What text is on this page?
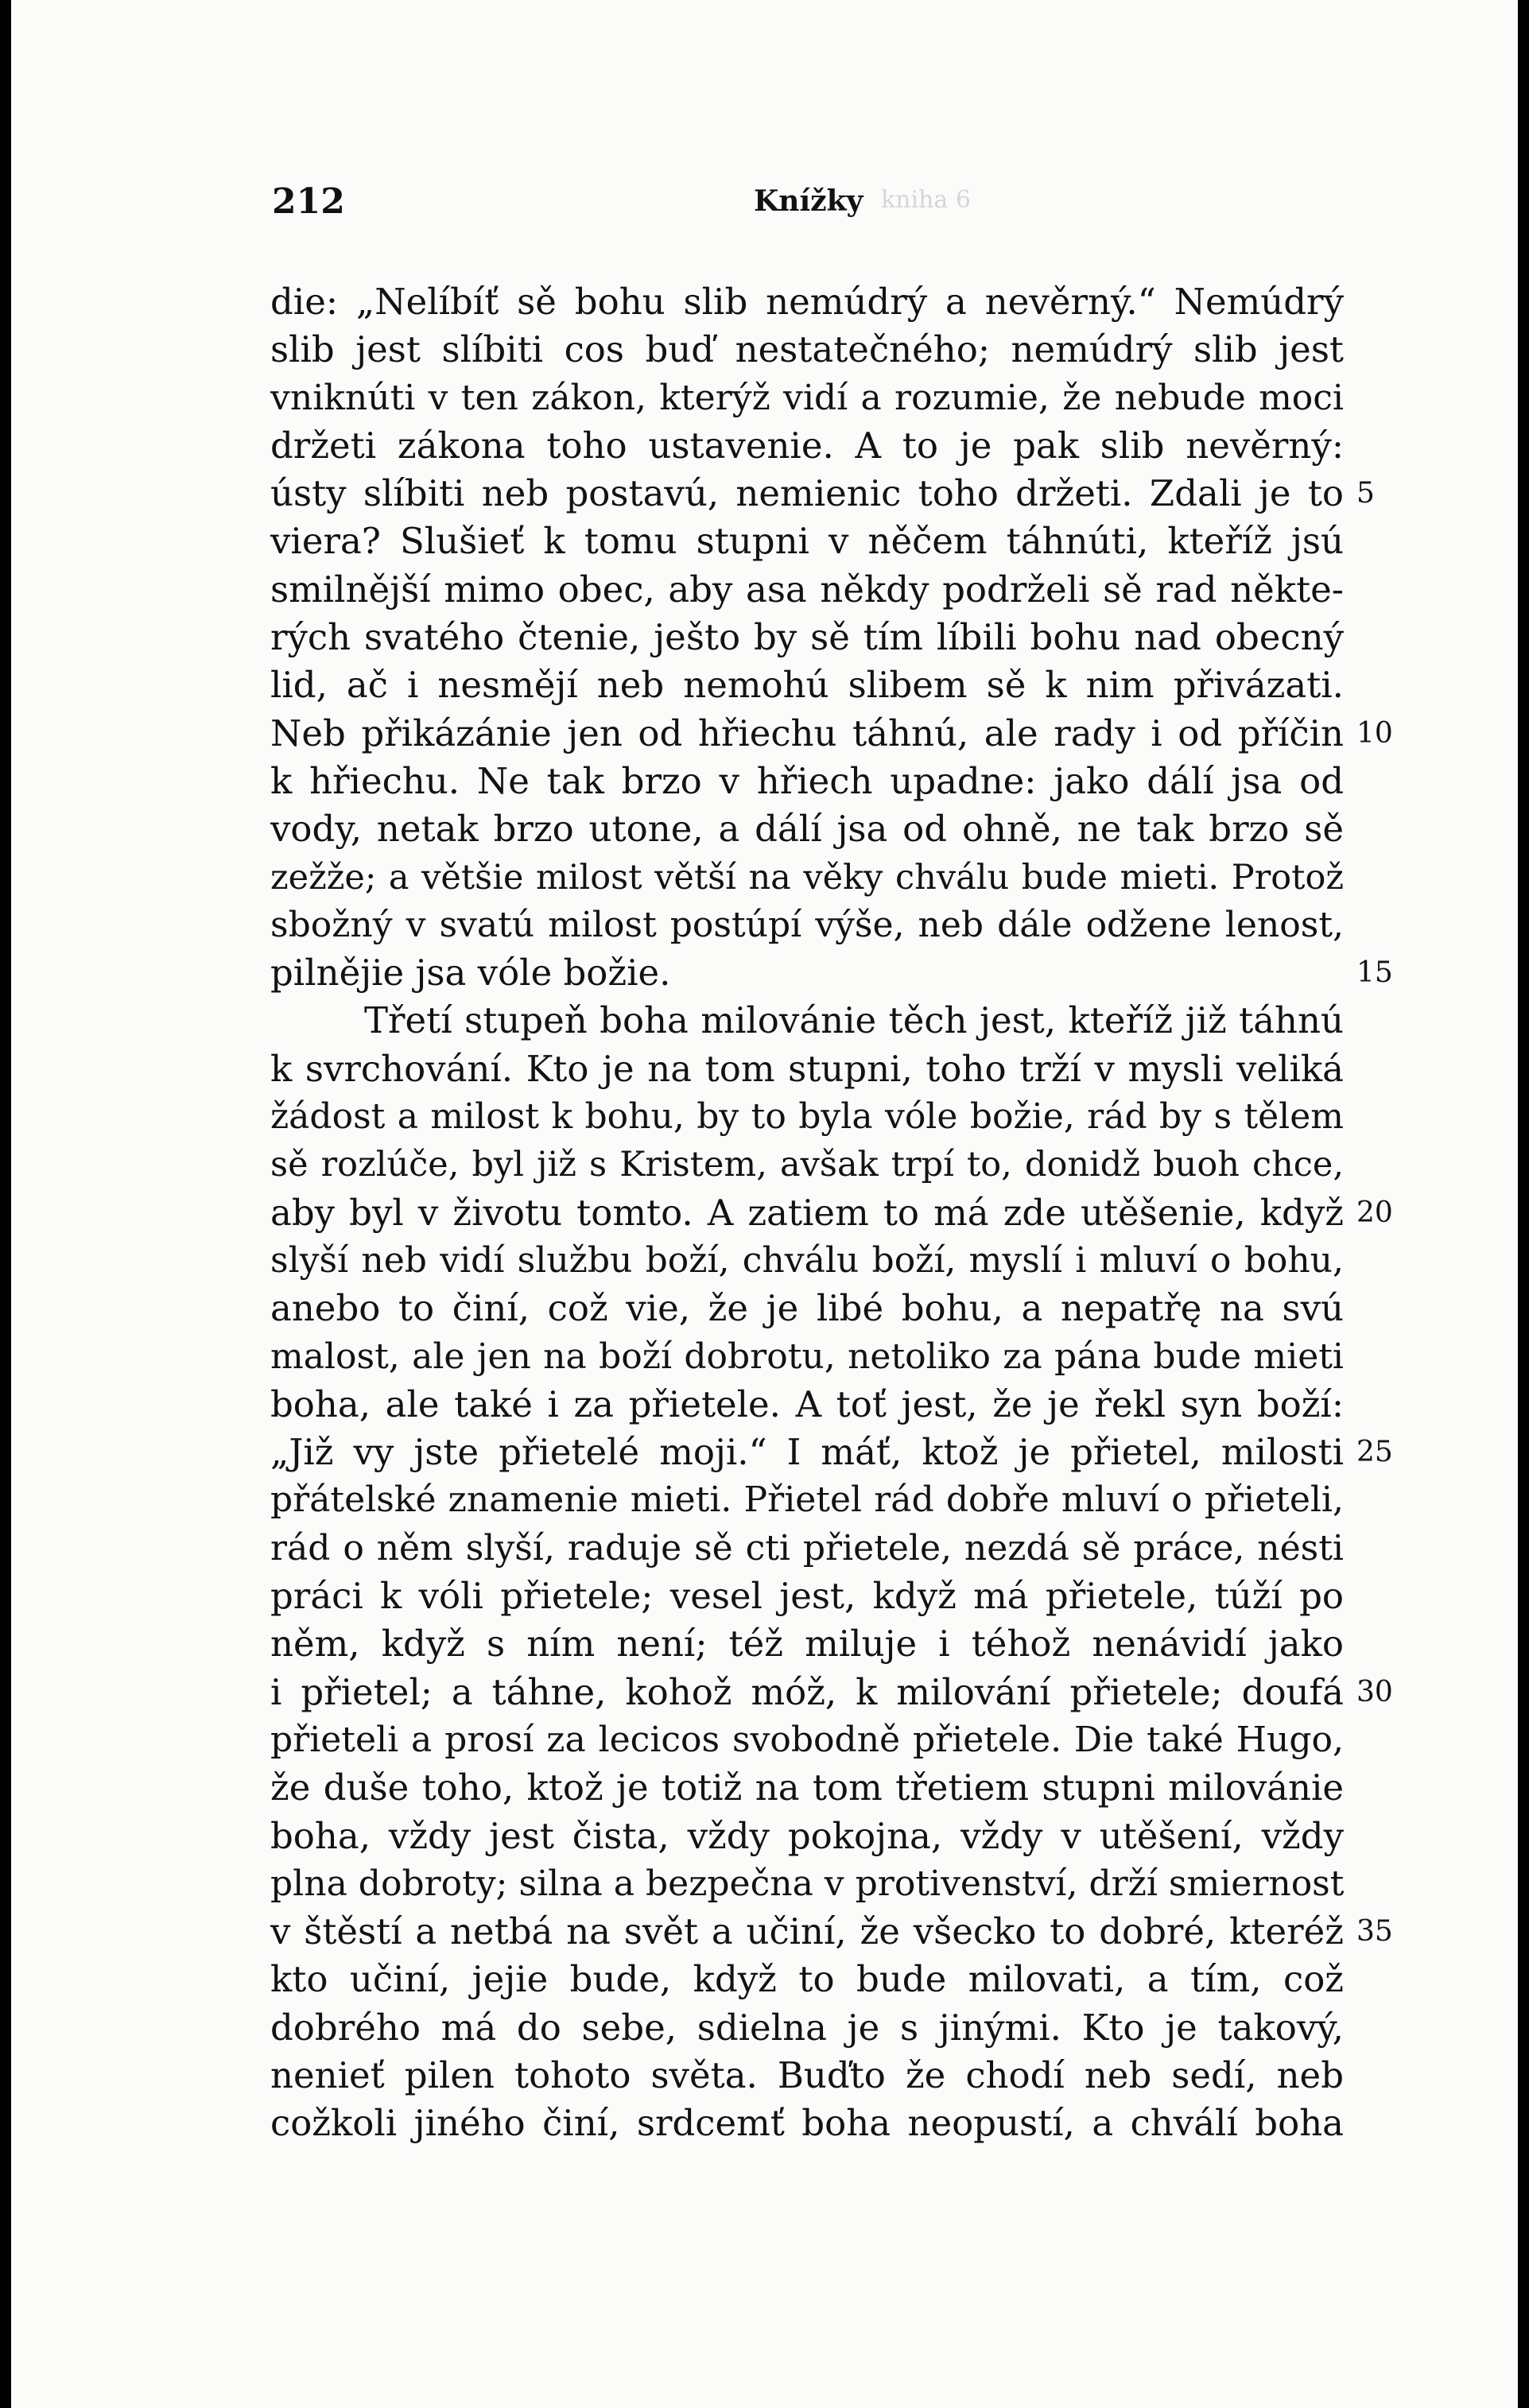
212	Knížky kniha 6
die: „Nelíbíť sě bohu slib nemúdrý a nevěrný.“ Nemúdrý
slib jest slíbiti cos buď nestatečného; nemúdrý slib jest
vniknúti v ten zákon, kterýž vidí a rozumie, že nebude moci
držeti zákona toho ustavenie. A to je pak slib nevěrný:
ústy slíbiti neb postavú, nemienic toho držeti. Zdali je to 5
viera? Slušieť k tomu stupni v něčem táhnúti, kteříž jsú
smilnější mimo obec, aby asa někdy podrželi sě rad někte-
rých svatého čtenie, ješto by sě tím líbili bohu nad obecný
lid, ač i nesmějí neb nemohú slibem sě k nim přivázati.
Neb přikázánie jen od hřiechu táhnú, ale rady i od příčin 10
k hřiechu. Ne tak brzo v hřiech upadne: jako dálí jsa od
vody, netak brzo utone, a dálí jsa od ohně, ne tak brzo sě
zežže; a většie milost větší na věky chválu bude mieti. Protož
sbožný v svatú milost postúpí výše, neb dále odžene lenost,
pilnějie jsa vóle božie.	15
Třetí stupeň boha milovánie těch jest, kteříž již táhnú
k svrchování. Kto je na tom stupni, toho trží v mysli veliká
žádost a milost k bohu, by to byla vóle božie, rád by s tělem
sě rozlúče, byl již s Kristem, avšak trpí to, donidž buoh chce,
aby byl v životu tomto. A zatiem to má zde utěšenie, když 20
slyší neb vidí službu boží, chválu boží, myslí i mluví o bohu,
anebo to činí, což vie, že je libé bohu, a nepatřę na svú
malost, ale jen na boží dobrotu, netoliko za pána bude mieti
boha, ale také i za přietele. A toť jest, že je řekl syn boží:
„Již vy jste přietelé moji.“ I máť, ktož je přietel, milosti 25
přátelské znamenie mieti. Přietel rád dobře mluví o přieteli,
rád o něm slyší, raduje sě cti přietele, nezdá sě práce, nésti
práci k vóli přietele; vesel jest, když má přietele, túží po
něm, když s ním není; též miluje i téhož nenávidí jako
i přietel; a táhne, kohož móž, k milování přietele; doufá 30
přieteli a prosí za lecicos svobodně přietele. Die také Hugo,
že duše toho, ktož je totiž na tom třetiem stupni milovánie
boha, vždy jest čista, vždy pokojna, vždy v utěšení, vždy
plna dobroty; silna a bezpečna v protivenství, drží smiernost
v štěstí a netbá na svět a učiní, že všecko to dobré, kteréž 35
kto učiní, jejie bude, když to bude milovati, a tím, což
dobrého má do sebe, sdielna je s jinými. Kto je takový,
nenieť pilen tohoto světa. Buďto že chodí neb sedí, neb
cožkoli jiného činí, srdcemť boha neopustí, a chválí boha
